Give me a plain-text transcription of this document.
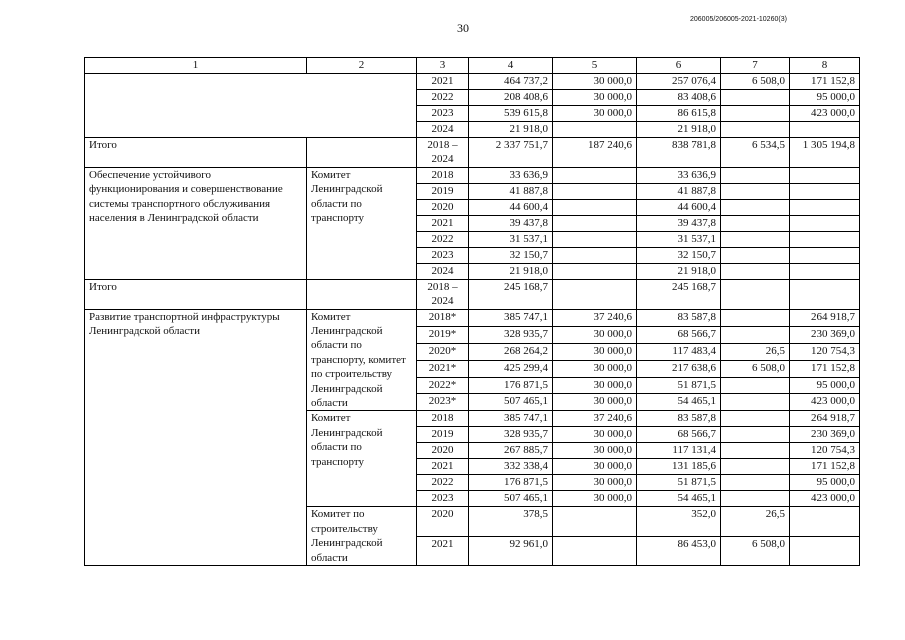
30
206005/206005-2021-10260(3)
1	2	3	4	5	6	7	8
		2021	464 737,2	30 000,0	257 076,4	6 508,0	171 152,8
		2022	208 408,6	30 000,0	83 408,6		95 000,0
		2023	539 615,8	30 000,0	86 615,8		423 000,0
		2024	21 918,0		21 918,0		
Итого		2018 – 2024	2 337 751,7	187 240,6	838 781,8	6 534,5	1 305 194,8
Обеспечение устойчивого функционирования и совершенствование системы транспортного обслуживания населения в Ленинградской области	Комитет Ленинградской области по транспорту	2018	33 636,9		33 636,9		
		2019	41 887,8		41 887,8		
		2020	44 600,4		44 600,4		
		2021	39 437,8		39 437,8		
		2022	31 537,1		31 537,1		
		2023	32 150,7		32 150,7		
		2024	21 918,0		21 918,0		
Итого		2018 – 2024	245 168,7		245 168,7		
Развитие транспортной инфраструктуры Ленинградской области	Комитет Ленинградской области по транспорту, комитет по строительству Ленинградской области	2018*	385 747,1	37 240,6	83 587,8		264 918,7
		2019*	328 935,7	30 000,0	68 566,7		230 369,0
		2020*	268 264,2	30 000,0	117 483,4	26,5	120 754,3
		2021*	425 299,4	30 000,0	217 638,6	6 508,0	171 152,8
		2022*	176 871,5	30 000,0	51 871,5		95 000,0
		2023*	507 465,1	30 000,0	54 465,1		423 000,0
	Комитет Ленинградской области по транспорту	2018	385 747,1	37 240,6	83 587,8		264 918,7
		2019	328 935,7	30 000,0	68 566,7		230 369,0
		2020	267 885,7	30 000,0	117 131,4		120 754,3
		2021	332 338,4	30 000,0	131 185,6		171 152,8
		2022	176 871,5	30 000,0	51 871,5		95 000,0
		2023	507 465,1	30 000,0	54 465,1		423 000,0
	Комитет по строительству Ленинградской области	2020	378,5		352,0	26,5	
		2021	92 961,0		86 453,0	6 508,0	
